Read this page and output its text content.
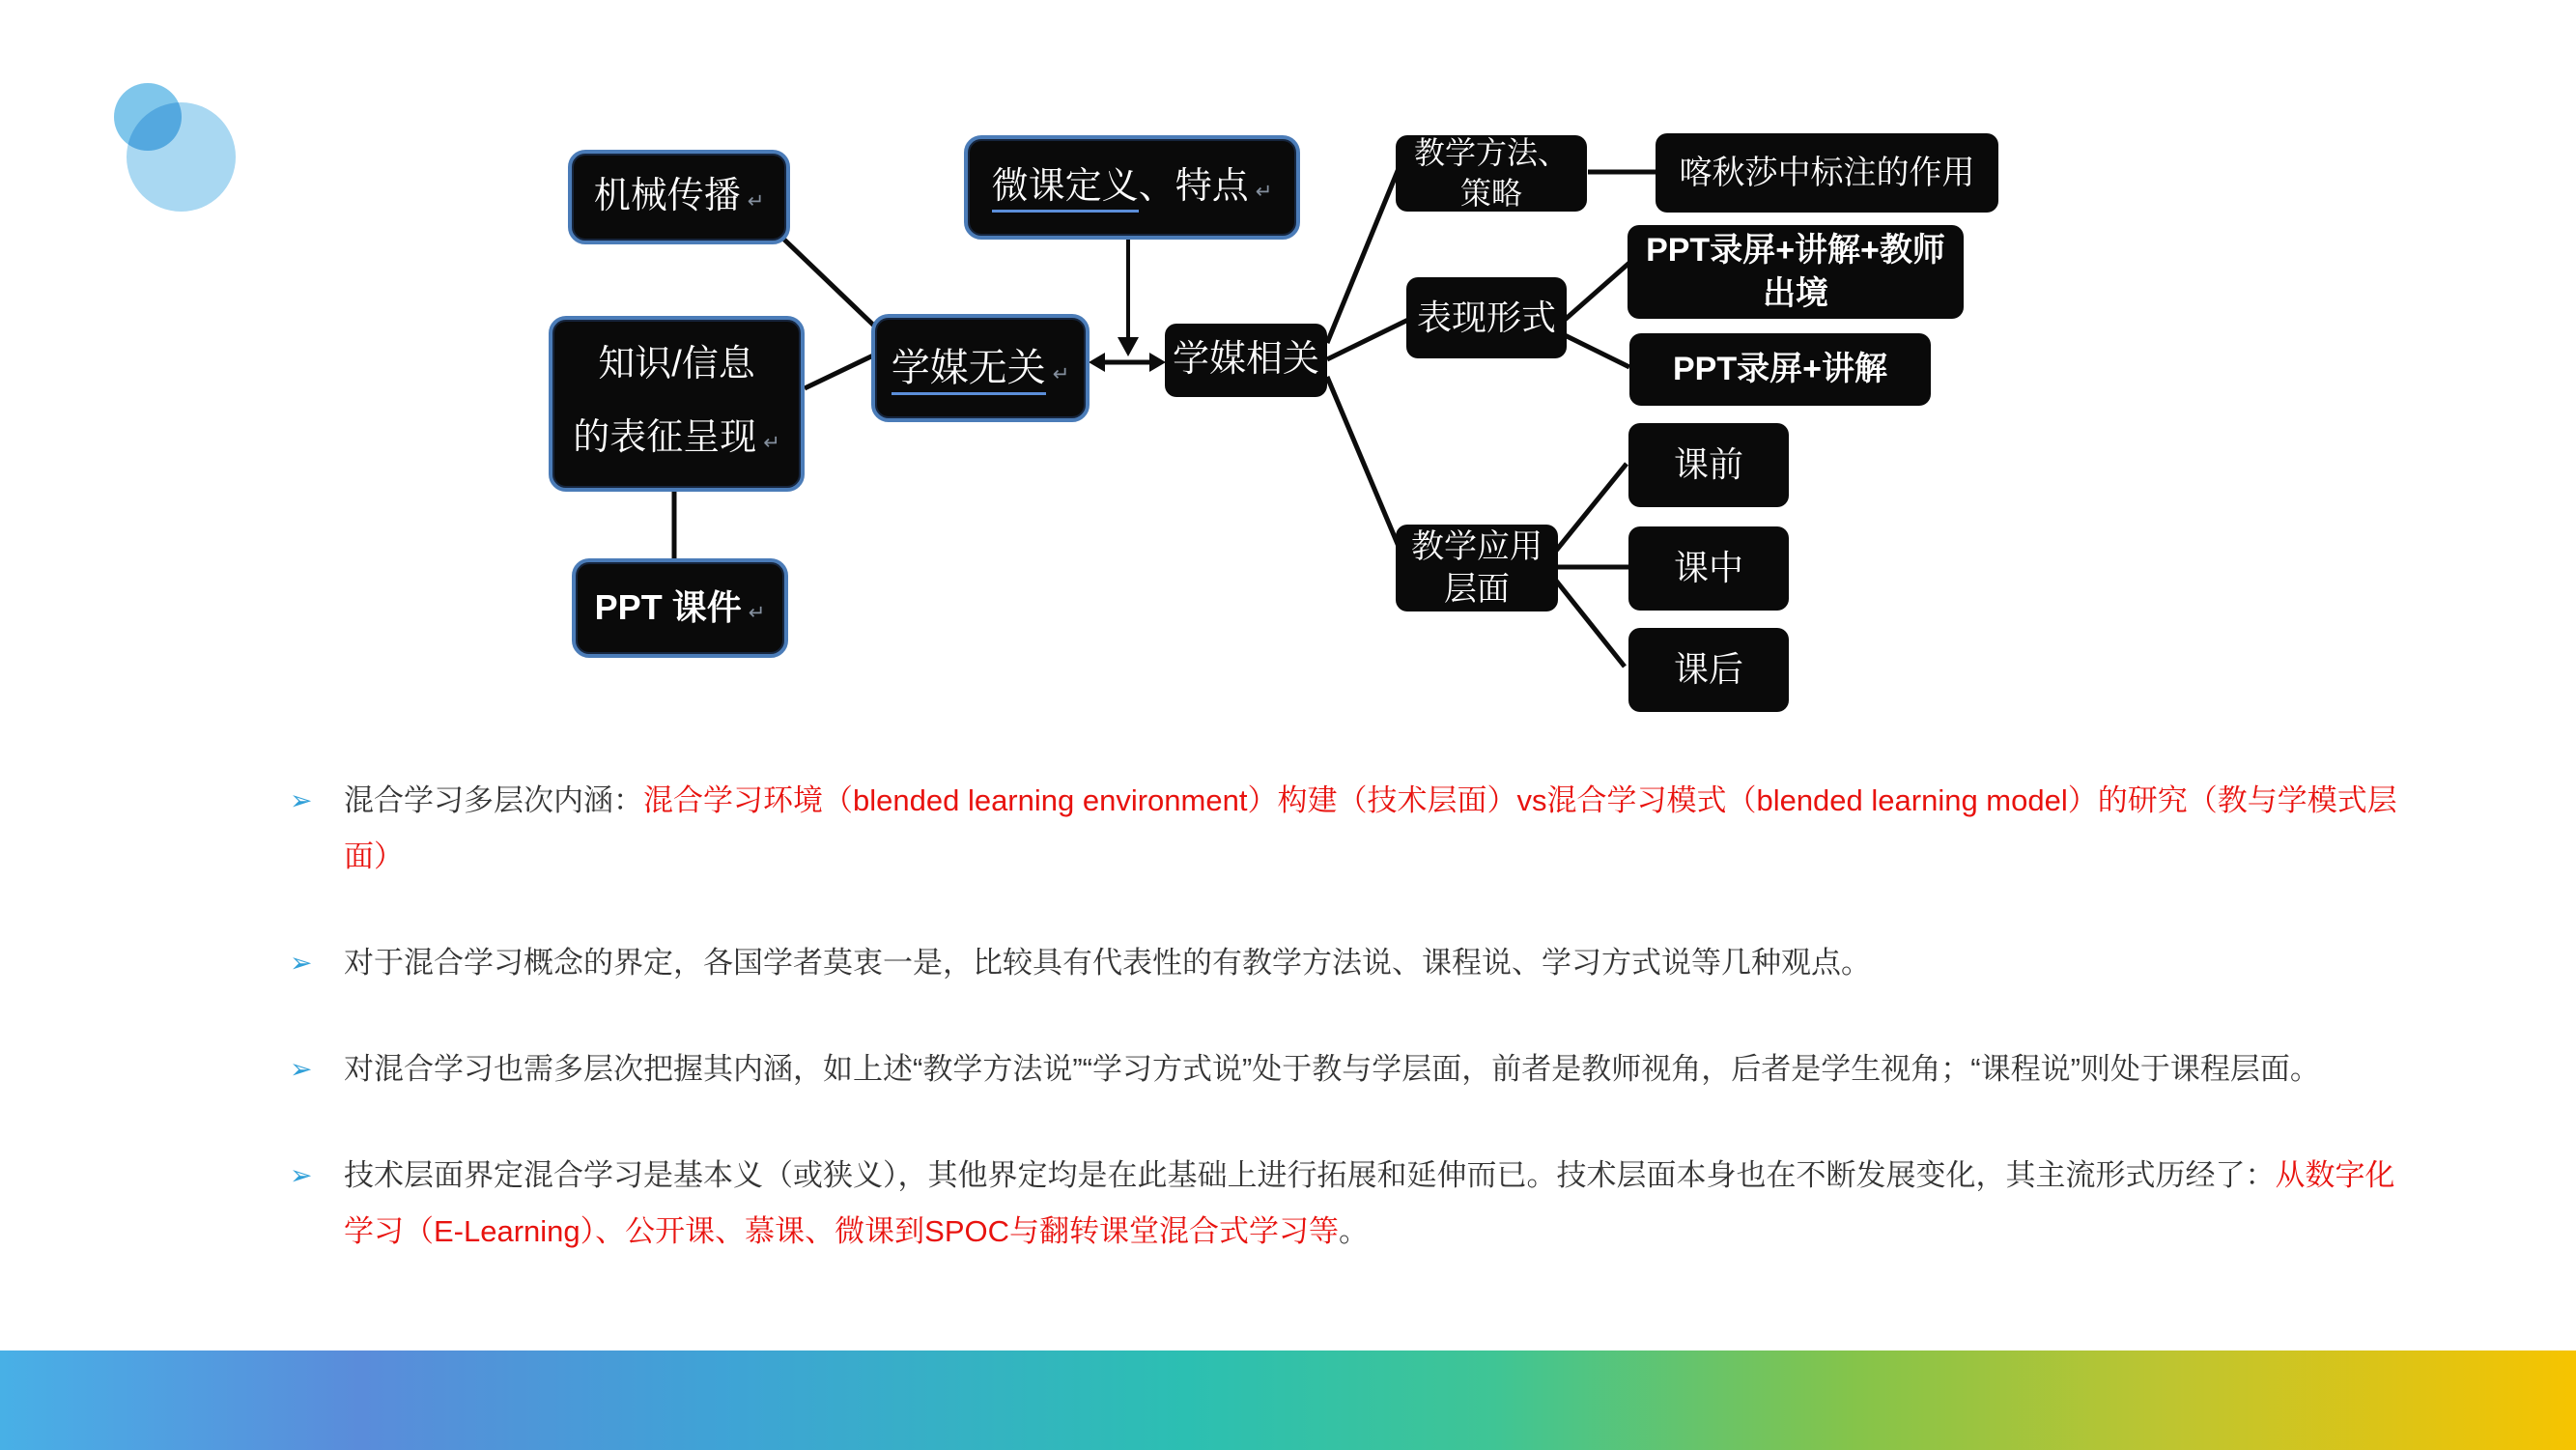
机械传播 ↵	微课定义、特点 ↵
知识/信息
的表征呈现 ↵
学媒无关 ↵	学媒相关
PPT 课件 ↵
教学方法、策略
喀秋莎中标注的作用
表现形式
PPT录屏+讲解+教师出境
PPT录屏+讲解
教学应用层面
课前
课中
课后
➢	混合学习多层次内涵：混合学习环境（blended learning environment）构建（技术层面）vs混合学习模式（blended learning model）的研究（教与学模式层面）
➢	对于混合学习概念的界定，各国学者莫衷一是，比较具有代表性的有教学方法说、课程说、学习方式说等几种观点。
➢	对混合学习也需多层次把握其内涵，如上述“教学方法说”“学习方式说”处于教与学层面，前者是教师视角，后者是学生视角；“课程说”则处于课程层面。
➢	技术层面界定混合学习是基本义（或狭义），其他界定均是在此基础上进行拓展和延伸而已。技术层面本身也在不断发展变化，其主流形式历经了：从数字化学习（E-Learning）、公开课、慕课、微课到SPOC与翻转课堂混合式学习等。
